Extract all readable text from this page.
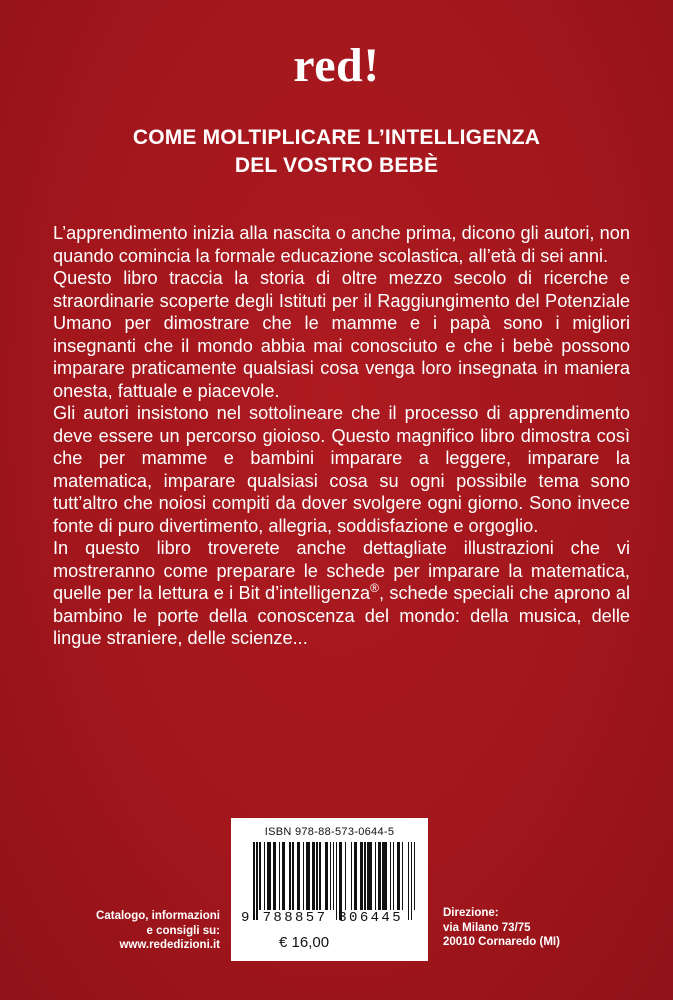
red!
COME MOLTIPLICARE L’INTELLIGENZA
DEL VOSTRO BEBÈ

L’apprendimento inizia alla nascita o anche prima, dicono gli autori, non quando comincia la formale educazione scolastica, all’età di sei anni.

Questo libro traccia la storia di oltre mezzo secolo di ricerche e straordinarie scoperte degli Istituti per il Raggiungimento del Potenziale Umano per dimostrare che le mamme e i papà sono i migliori insegnanti che il mondo abbia mai conosciuto e che i bebè possono imparare praticamente qualsiasi cosa venga loro insegnata in maniera onesta, fattuale e piacevole.

Gli autori insistono nel sottolineare che il processo di apprendimento deve essere un percorso gioioso. Questo magnifico libro dimostra così che per mamme e bambini imparare a leggere, imparare la matematica, imparare qualsiasi cosa su ogni possibile tema sono tutt’altro che noiosi compiti da dover svolgere ogni giorno. Sono invece fonte di puro divertimento, allegria, soddisfazione e orgoglio.

In questo libro troverete anche dettagliate illustrazioni che vi mostreranno come preparare le schede per imparare la matematica, quelle per la lettura e i Bit d’intelligenza®, schede speciali che aprono al bambino le porte della conoscenza del mondo: della musica, delle lingue straniere, delle scienze...

ISBN 978-88-573-0644-5
9 788857 306445
€ 16,00
Catalogo, informazioni
e consigli su:
www.rededizioni.it
Direzione:
via Milano 73/75
20010 Cornaredo (MI)
